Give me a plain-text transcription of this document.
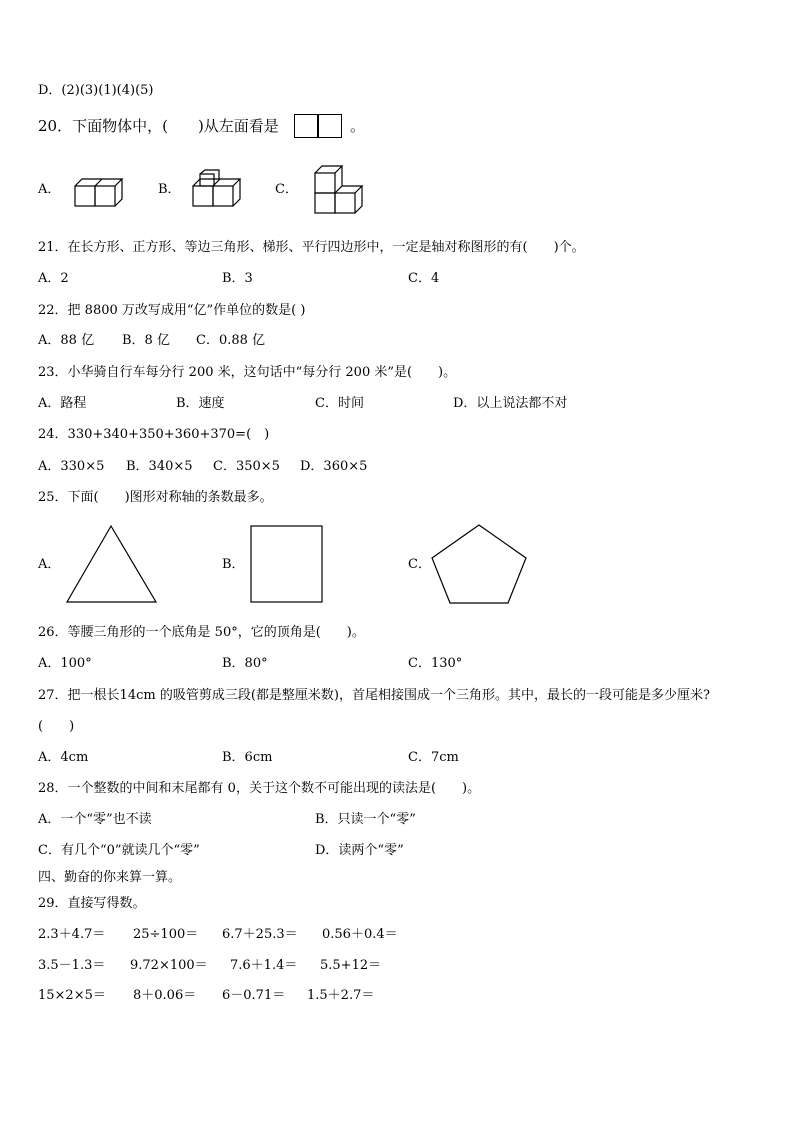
D．(2)(3)(1)(4)(5)
20．下面物体中，(　　)从左面看是	。
A．	B．	C．
21．在长方形、正方形、等边三角形、梯形、平行四边形中，一定是轴对称图形的有(　　)个。
A．2	B．3	C．4
22．把 8800 万改写成用“亿”作单位的数是( )
A．88 亿 B．8 亿 C．0.88 亿
23．小华骑自行车每分行 200 米，这句话中“每分行 200 米”是(　　)。
A．路程	B．速度	C．时间	D．以上说法都不对
24．330+340+350+360+370=(　)
A．330×5 B．340×5 C．350×5 D．360×5
25．下面(　　)图形对称轴的条数最多。
A．	B．	C．
26．等腰三角形的一个底角是 50°，它的顶角是(　　)。
A．100°	B．80°	C．130°
27．把一根长14cm 的吸管剪成三段(都是整厘米数)，首尾相接围成一个三角形。其中，最长的一段可能是多少厘米?
(　　)
A．4cm	B．6cm	C．7cm
28．一个整数的中间和末尾都有 0，关于这个数不可能出现的读法是(　　)。
A．一个“零”也不读	B．只读一个“零”
C．有几个“0”就读几个“零”	D．读两个“零”
四、勤奋的你来算一算。
29．直接写得数。
2.3＋4.7＝ 25÷100＝ 6.7＋25.3＝ 0.56＋0.4＝
3.5－1.3＝ 9.72×100＝ 7.6＋1.4＝ 5.5+12＝
15×2×5＝ 8＋0.06＝ 6－0.71＝ 1.5＋2.7＝
